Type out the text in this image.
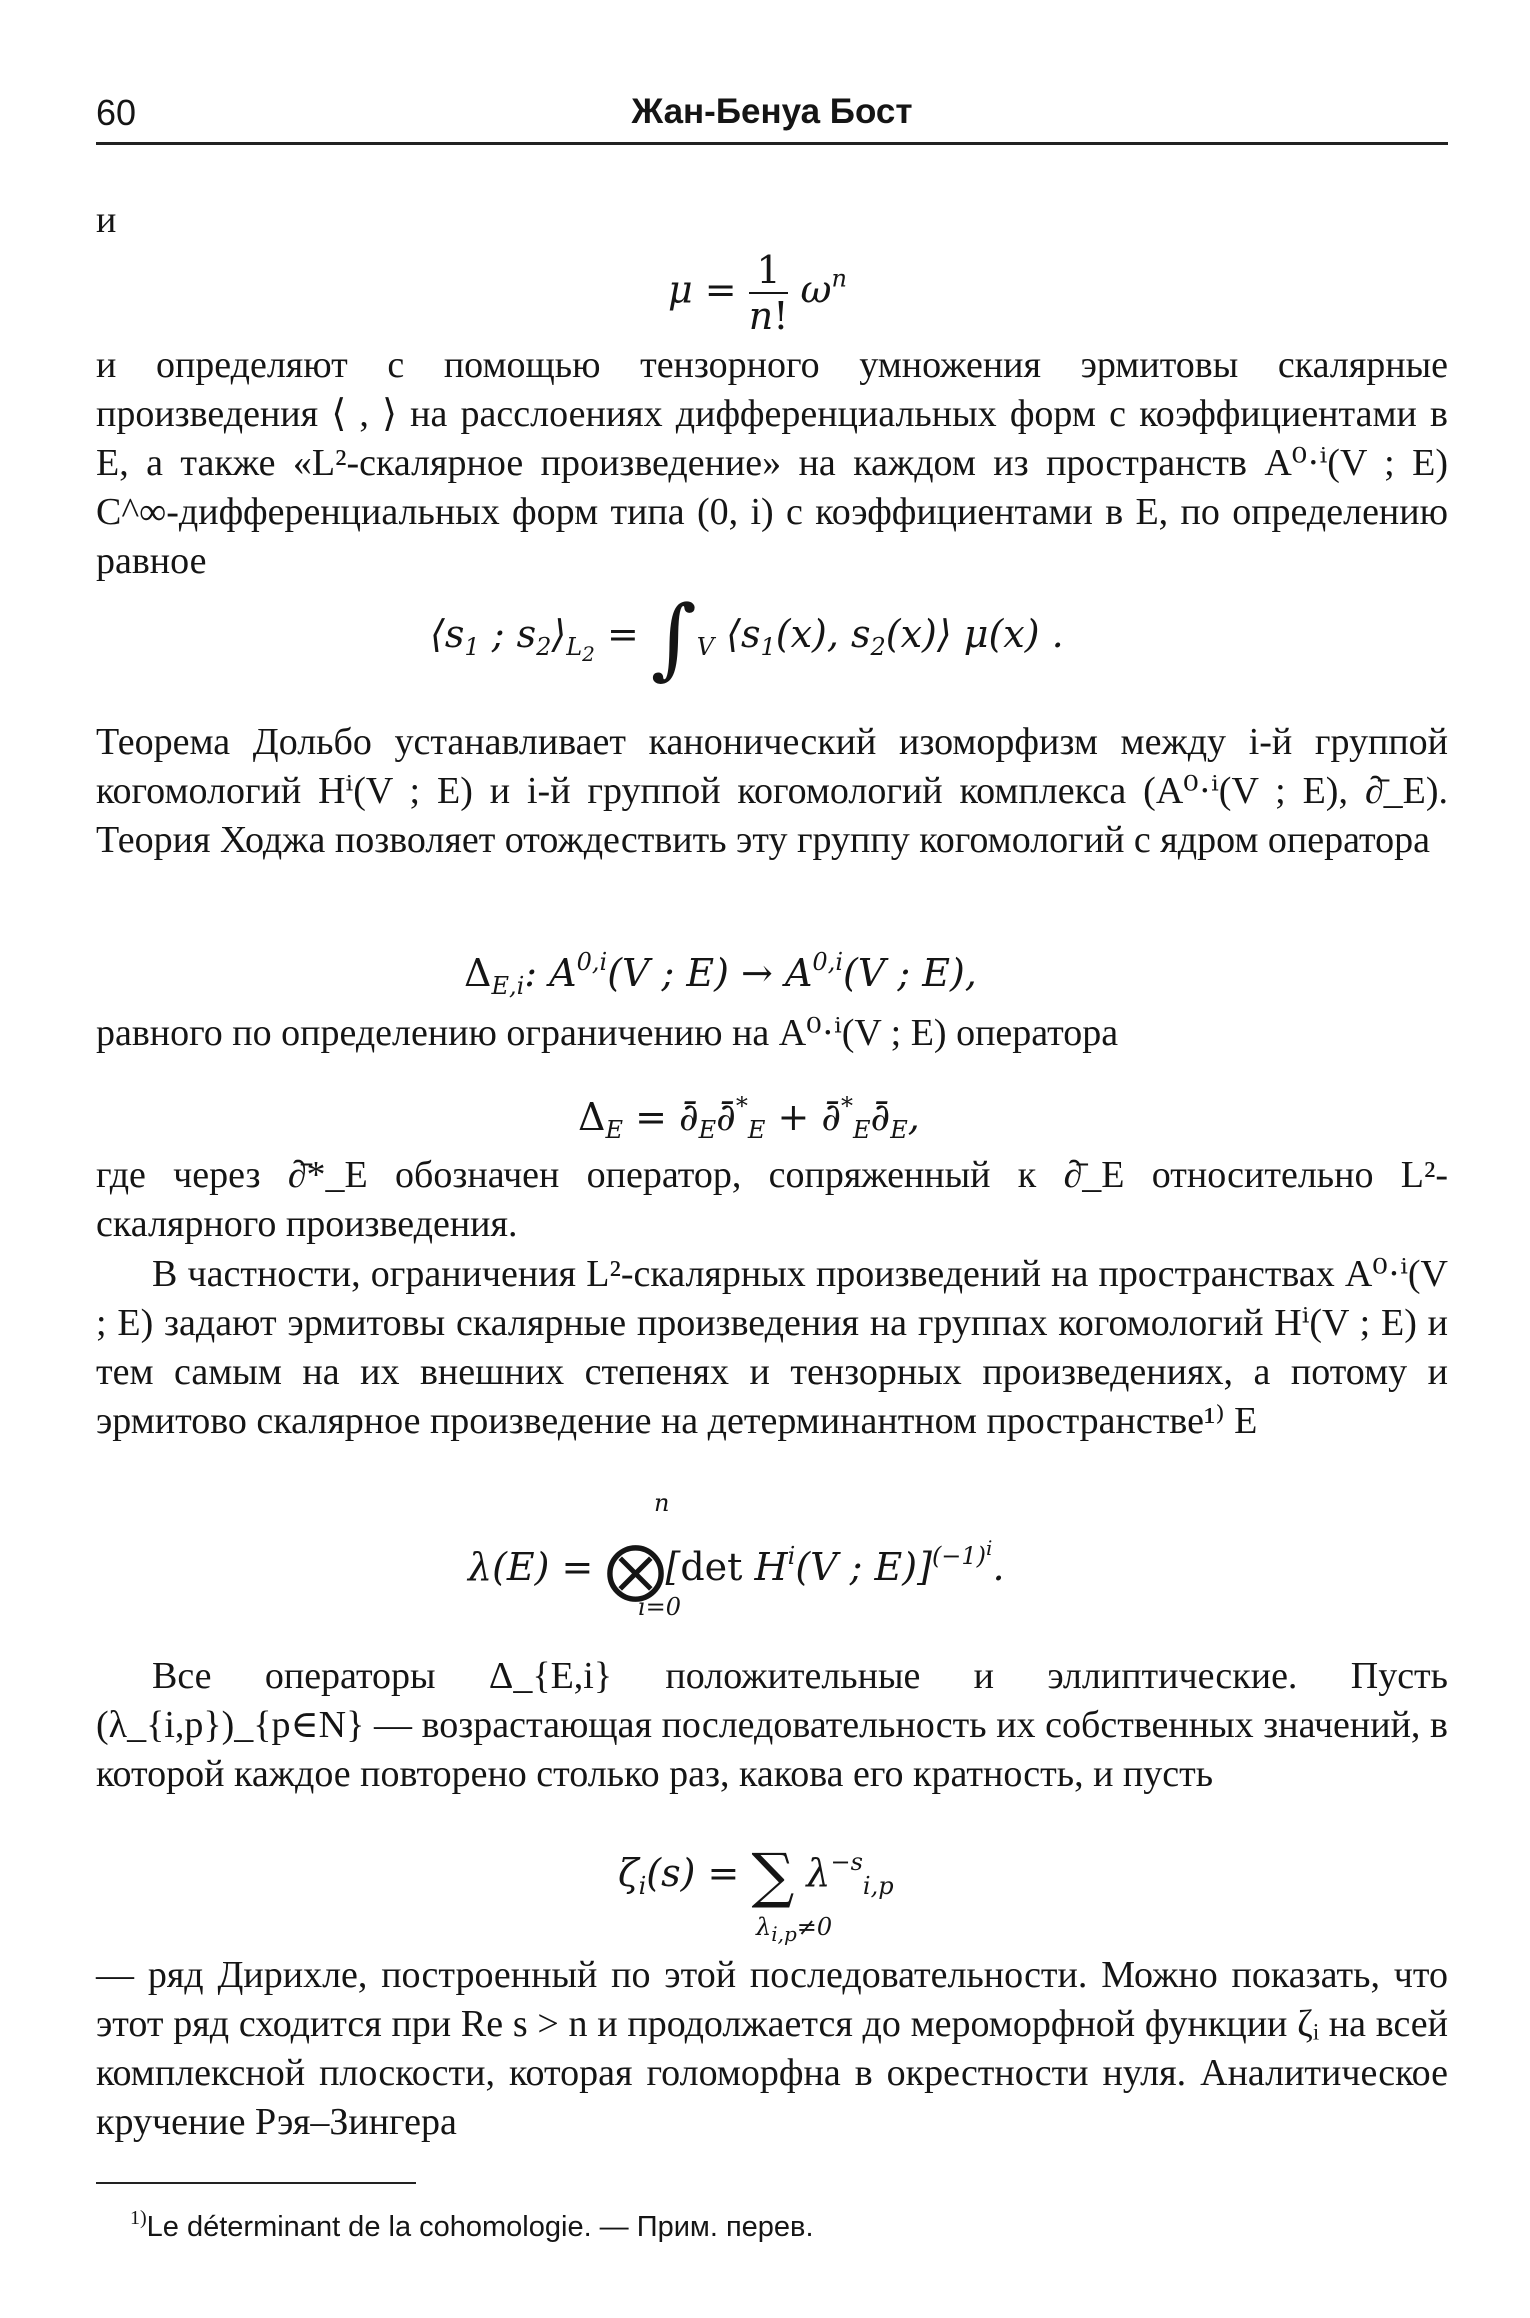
60	Жан-Бенуа Бост
и
$\mu = \frac{1}{n!} \omega^n$
и определяют с помощью тензорного умножения эрмитовы скалярные произведения ⟨ , ⟩ на расслоениях дифференциальных форм с коэффициентами в E, а также «L²-скалярное произведение» на каждом из пространств A⁰·ⁱ(V ; E) C^∞-дифференциальных форм типа (0, i) с коэффициентами в E, по определению равное
$⟨s_1$ ; $s_2⟩_{L_2} = \int_V$ $⟨s_1(x)$, $s_2(x)⟩$ μ(x) .
Теорема Дольбо устанавливает канонический изоморфизм между i-й группой когомологий Hⁱ(V ; E) и i-й группой когомологий комплекса (A⁰·ⁱ(V ; E), ∂̄_E). Теория Ходжа позволяет отождествить эту группу когомологий с ядром оператора
$\Delta_{E,i}$: A$^{0,i}$(V ; E) → A$^{0,i}$(V ; E),
равного по определению ограничению на A⁰·ⁱ(V ; E) оператора
$\Delta_E$ = $\partial̄_E\partial̄^*_E$ + $\partial̄^*_E\partial̄_E$,
где через ∂̄*_E обозначен оператор, сопряженный к ∂̄_E относительно L²-скалярного произведения.
В частности, ограничения L²-скалярных произведений на пространствах A⁰·ⁱ(V ; E) задают эрмитовы скалярные произведения на группах когомологий Hⁱ(V ; E) и тем самым на их внешних степенях и тензорных произведениях, а потому и эрмитово скалярное произведение на детерминантном пространстве¹⁾ E
λ(E) = ⨂[det $H^i(V$ ; E)]$^{(-1)^i}$.
n
i=0
Все операторы Δ_{E,i} положительные и эллиптические. Пусть (λ_{i,p})_{p∈N} — возрастающая последовательность их собственных значений, в которой каждое повторено столько раз, какова его кратность, и пусть
$\zeta_i(s)$ = ∑ $\lambda^{-s}_{i,p}$
$\lambda_{i,p}\ne 0$
— ряд Дирихле, построенный по этой последовательности. Можно показать, что этот ряд сходится при Re s > n и продолжается до мероморфной функции ζᵢ на всей комплексной плоскости, которая голоморфна в окрестности нуля. Аналитическое кручение Рэя–Зингера
$^{1)}$Le déterminant de la cohomologie. — Прим. перев.
